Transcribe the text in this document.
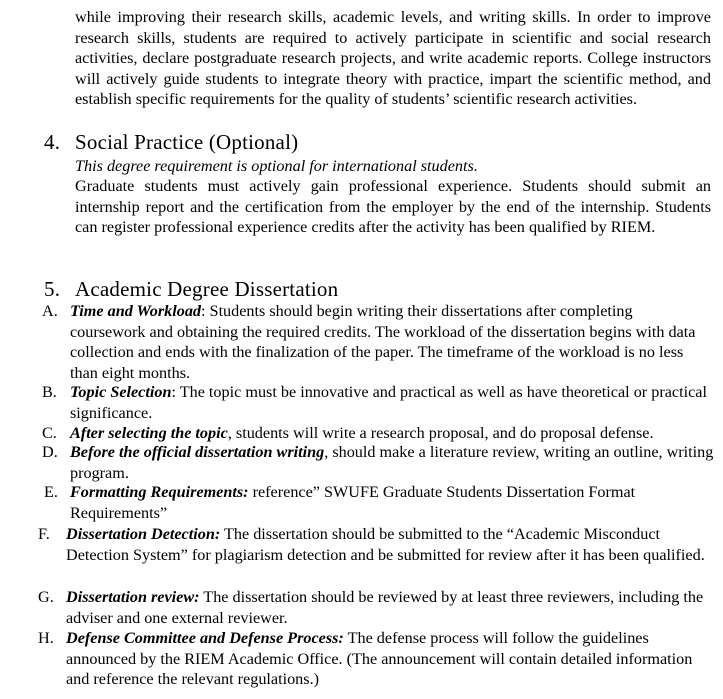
while improving their research skills, academic levels, and writing skills. In order to improve research skills, students are required to actively participate in scientific and social research activities, declare postgraduate research projects, and write academic reports. College instructors will actively guide students to integrate theory with practice, impart the scientific method, and establish specific requirements for the quality of students’ scientific research activities.
4. Social Practice (Optional)
This degree requirement is optional for international students.
Graduate students must actively gain professional experience. Students should submit an internship report and the certification from the employer by the end of the internship. Students can register professional experience credits after the activity has been qualified by RIEM.
5. Academic Degree Dissertation
A. Time and Workload: Students should begin writing their dissertations after completing coursework and obtaining the required credits. The workload of the dissertation begins with data collection and ends with the finalization of the paper. The timeframe of the workload is no less than eight months.
B. Topic Selection: The topic must be innovative and practical as well as have theoretical or practical significance.
C. After selecting the topic, students will write a research proposal, and do proposal defense.
D. Before the official dissertation writing, should make a literature review, writing an outline, writing program.
E. Formatting Requirements: reference” SWUFE Graduate Students Dissertation Format Requirements”
F. Dissertation Detection: The dissertation should be submitted to the “Academic Misconduct Detection System” for plagiarism detection and be submitted for review after it has been qualified.
G. Dissertation review: The dissertation should be reviewed by at least three reviewers, including the adviser and one external reviewer.
H. Defense Committee and Defense Process: The defense process will follow the guidelines announced by the RIEM Academic Office. (The announcement will contain detailed information and reference the relevant regulations.)
